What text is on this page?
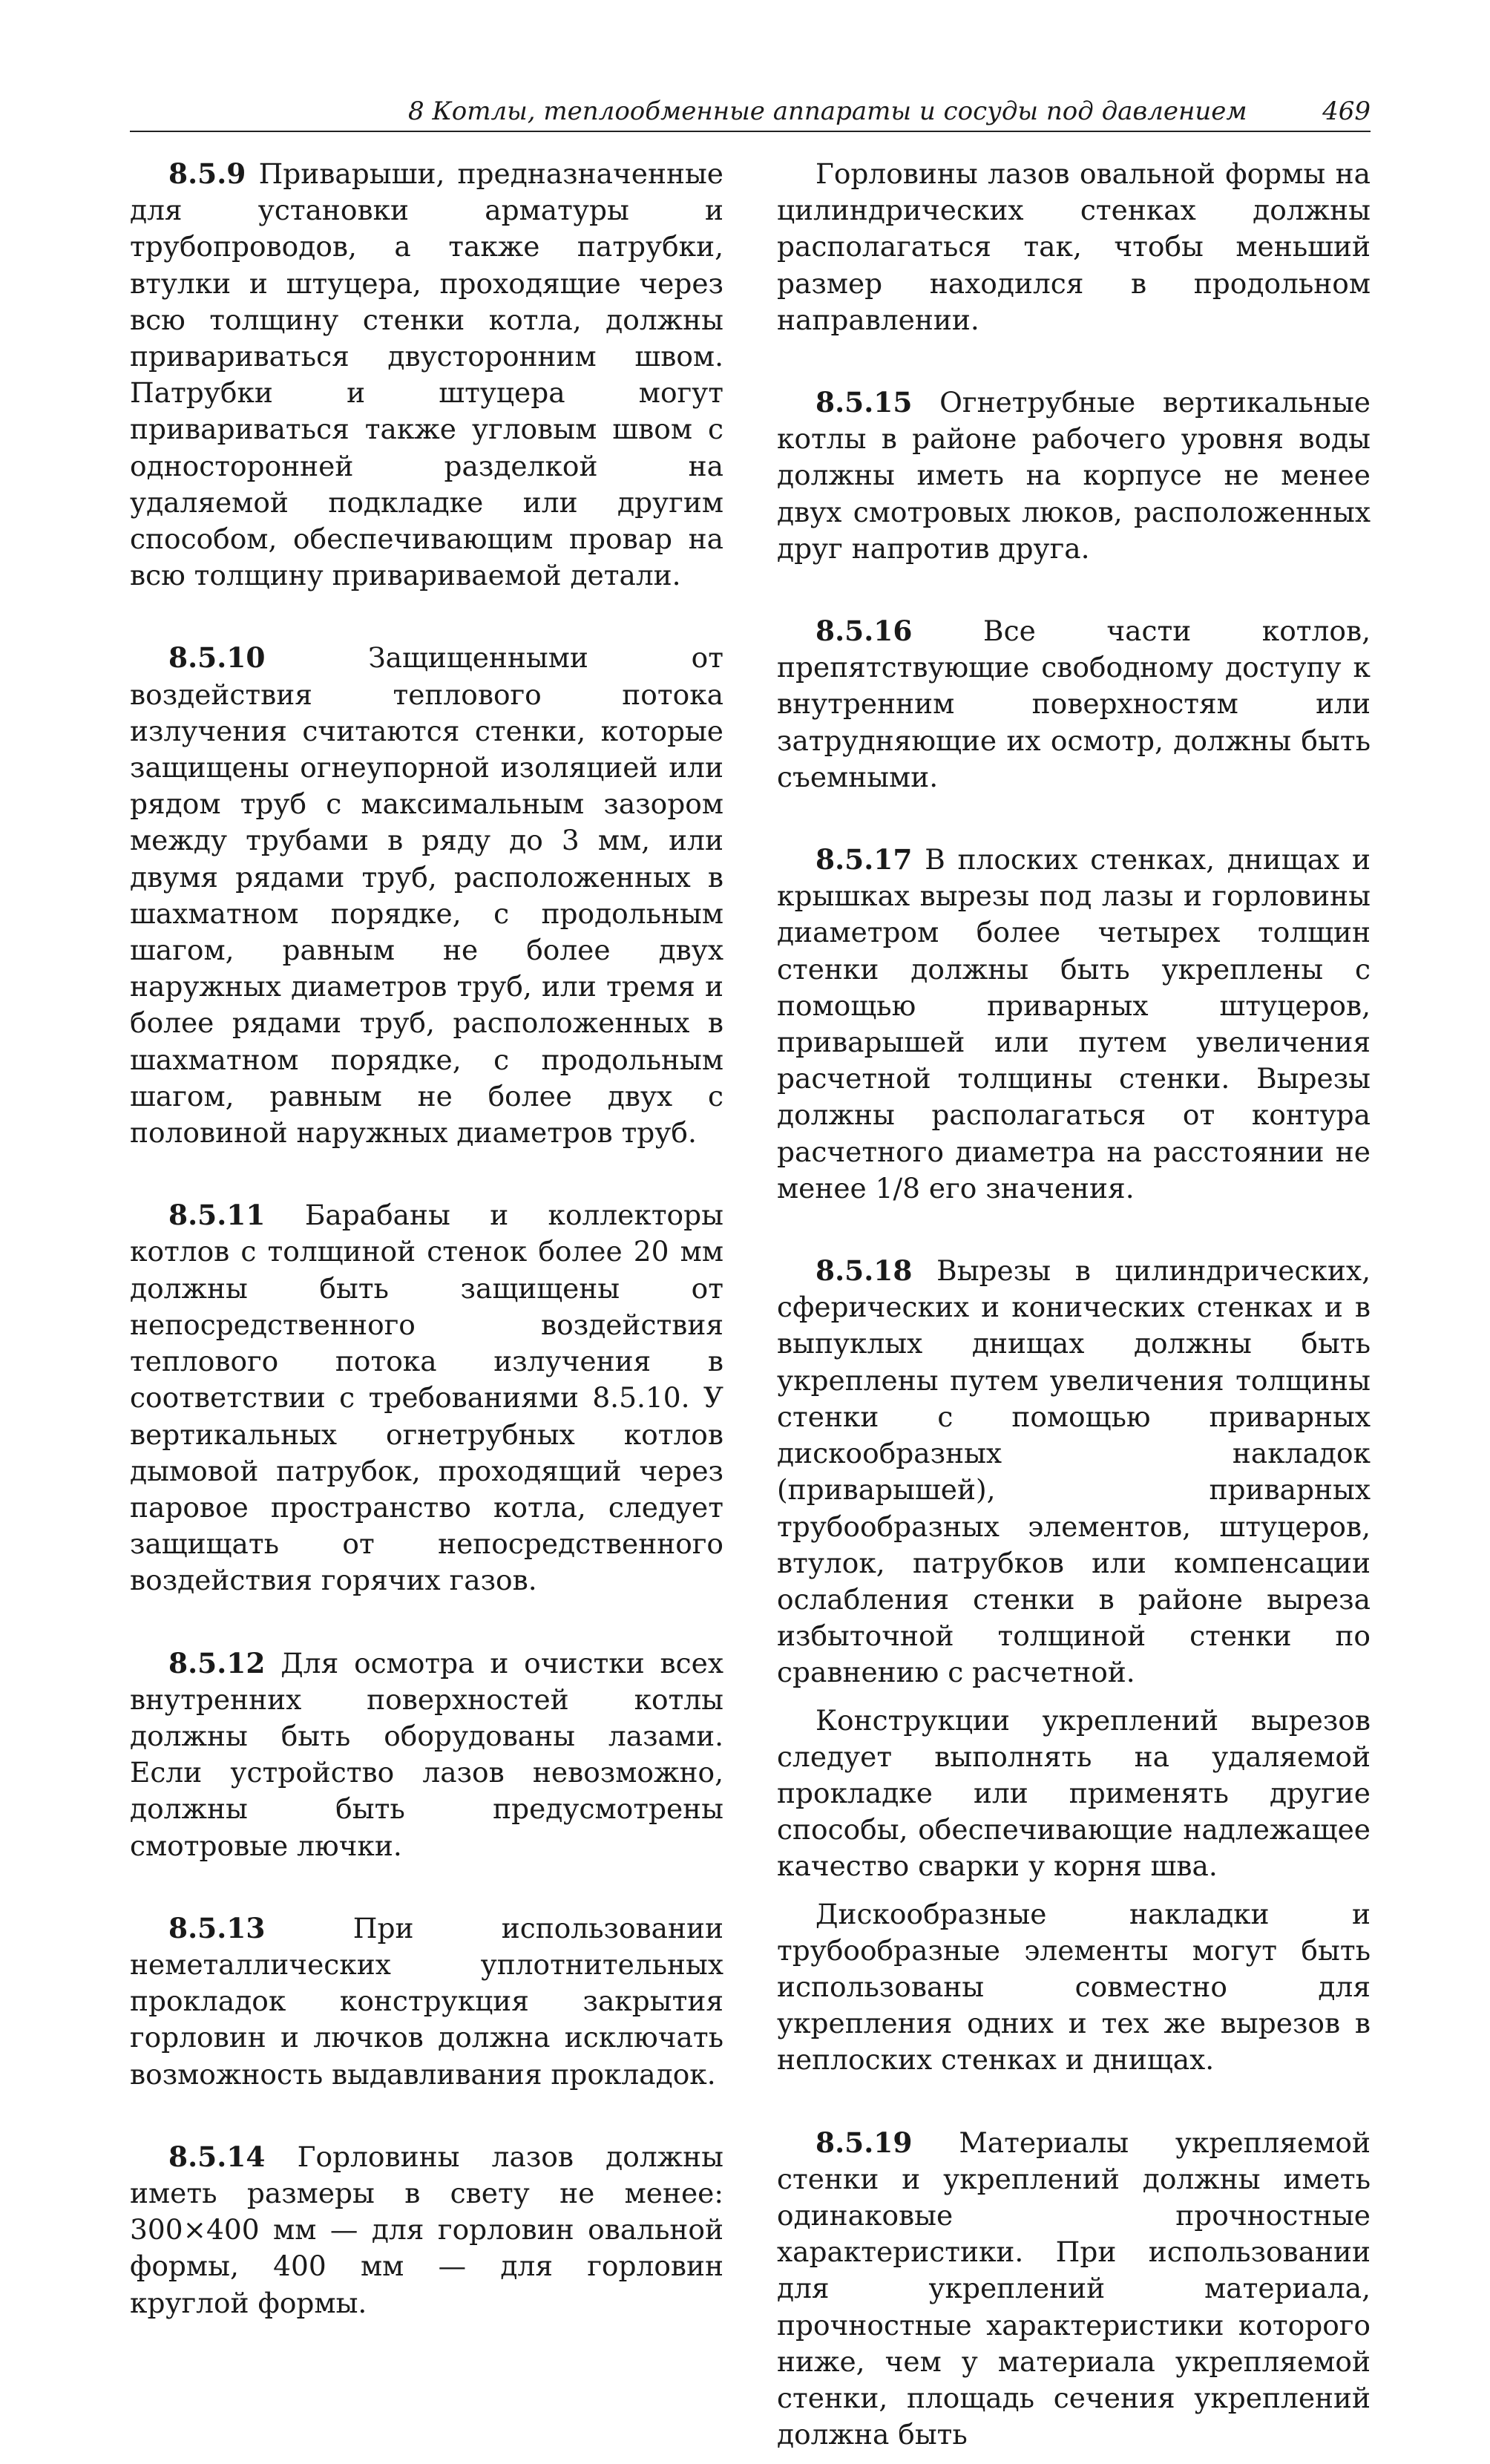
8 Котлы, теплообменные аппараты и сосуды под давлением	469

8.5.9 Приварыши, предназначенные для установки арматуры и трубопроводов, а также патрубки, втулки и штуцера, проходящие через всю толщину стенки котла, должны привариваться двусторонним швом. Патрубки и штуцера могут привариваться также угловым швом с односторонней разделкой на удаляемой подкладке или другим способом, обеспечивающим провар на всю толщину привариваемой детали.

8.5.10 Защищенными от воздействия теплового потока излучения считаются стенки, которые защищены огнеупорной изоляцией или рядом труб с максимальным зазором между трубами в ряду до 3 мм, или двумя рядами труб, расположенных в шахматном порядке, с продольным шагом, равным не более двух наружных диаметров труб, или тремя и более рядами труб, расположенных в шахматном порядке, с продольным шагом, равным не более двух с половиной наружных диаметров труб.

8.5.11 Барабаны и коллекторы котлов с толщиной стенок более 20 мм должны быть защищены от непосредственного воздействия теплового потока излучения в соответствии с требованиями 8.5.10. У вертикальных огнетрубных котлов дымовой патрубок, проходящий через паровое пространство котла, следует защищать от непосредственного воздействия горячих газов.

8.5.12 Для осмотра и очистки всех внутренних поверхностей котлы должны быть оборудованы лазами. Если устройство лазов невозможно, должны быть предусмотрены смотровые лючки.

8.5.13 При использовании неметаллических уплотнительных прокладок конструкция закрытия горловин и лючков должна исключать возможность выдавливания прокладок.

8.5.14 Горловины лазов должны иметь размеры в свету не менее: 300×400 мм — для горловин овальной формы, 400 мм — для горловин круглой формы.

Горловины лазов овальной формы на цилиндрических стенках должны располагаться так, чтобы меньший размер находился в продольном направлении.

8.5.15 Огнетрубные вертикальные котлы в районе рабочего уровня воды должны иметь на корпусе не менее двух смотровых люков, расположенных друг напротив друга.

8.5.16 Все части котлов, препятствующие свободному доступу к внутренним поверхностям или затрудняющие их осмотр, должны быть съемными.

8.5.17 В плоских стенках, днищах и крышках вырезы под лазы и горловины диаметром более четырех толщин стенки должны быть укреплены с помощью приварных штуцеров, приварышей или путем увеличения расчетной толщины стенки. Вырезы должны располагаться от контура расчетного диаметра на расстоянии не менее 1/8 его значения.

8.5.18 Вырезы в цилиндрических, сферических и конических стенках и в выпуклых днищах должны быть укреплены путем увеличения толщины стенки с помощью приварных дискообразных накладок (приварышей), приварных трубообразных элементов, штуцеров, втулок, патрубков или компенсации ослабления стенки в районе выреза избыточной толщиной стенки по сравнению с расчетной.

Конструкции укреплений вырезов следует выполнять на удаляемой прокладке или применять другие способы, обеспечивающие надлежащее качество сварки у корня шва.

Дискообразные накладки и трубообразные элементы могут быть использованы совместно для укрепления одних и тех же вырезов в неплоских стенках и днищах.

8.5.19 Материалы укрепляемой стенки и укреплений должны иметь одинаковые прочностные характеристики. При использовании для укреплений материала, прочностные характеристики которого ниже, чем у материала укрепляемой стенки, площадь сечения укреплений должна быть
